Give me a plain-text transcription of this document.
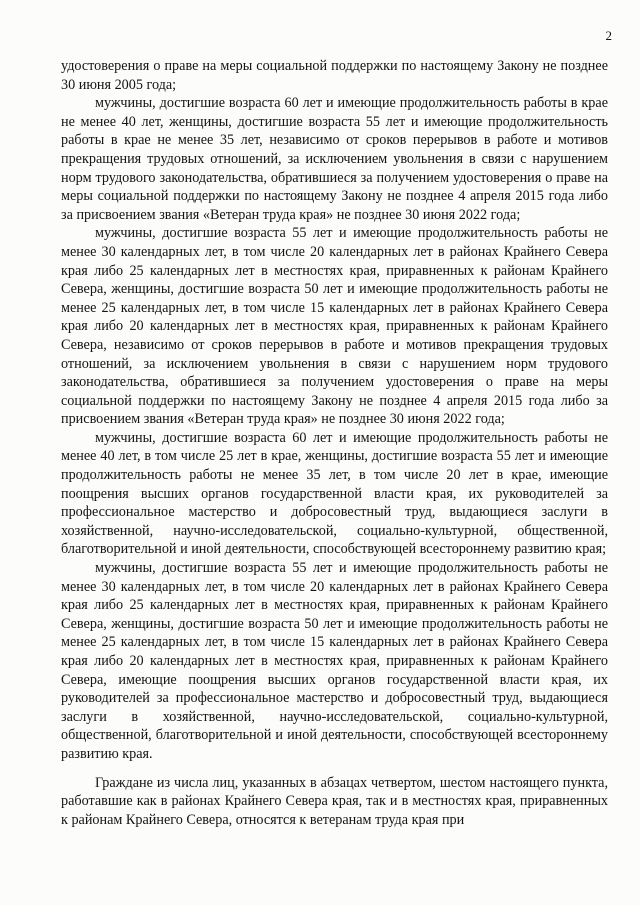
2

удостоверения о праве на меры социальной поддержки по настоящему Закону не позднее 30 июня 2005 года;

мужчины, достигшие возраста 60 лет и имеющие продолжительность работы в крае не менее 40 лет, женщины, достигшие возраста 55 лет и имеющие продолжительность работы в крае не менее 35 лет, независимо от сроков перерывов в работе и мотивов прекращения трудовых отношений, за исключением увольнения в связи с нарушением норм трудового законодательства, обратившиеся за получением удостоверения о праве на меры социальной поддержки по настоящему Закону не позднее 4 апреля 2015 года либо за присвоением звания «Ветеран труда края» не позднее 30 июня 2022 года;

мужчины, достигшие возраста 55 лет и имеющие продолжительность работы не менее 30 календарных лет, в том числе 20 календарных лет в районах Крайнего Севера края либо 25 календарных лет в местностях края, приравненных к районам Крайнего Севера, женщины, достигшие возраста 50 лет и имеющие продолжительность работы не менее 25 календарных лет, в том числе 15 календарных лет в районах Крайнего Севера края либо 20 календарных лет в местностях края, приравненных к районам Крайнего Севера, независимо от сроков перерывов в работе и мотивов прекращения трудовых отношений, за исключением увольнения в связи с нарушением норм трудового законодательства, обратившиеся за получением удостоверения о праве на меры социальной поддержки по настоящему Закону не позднее 4 апреля 2015 года либо за присвоением звания «Ветеран труда края» не позднее 30 июня 2022 года;

мужчины, достигшие возраста 60 лет и имеющие продолжительность работы не менее 40 лет, в том числе 25 лет в крае, женщины, достигшие возраста 55 лет и имеющие продолжительность работы не менее 35 лет, в том числе 20 лет в крае, имеющие поощрения высших органов государственной власти края, их руководителей за профессиональное мастерство и добросовестный труд, выдающиеся заслуги в хозяйственной, научно-исследовательской, социально-культурной, общественной, благотворительной и иной деятельности, способствующей всестороннему развитию края;

мужчины, достигшие возраста 55 лет и имеющие продолжительность работы не менее 30 календарных лет, в том числе 20 календарных лет в районах Крайнего Севера края либо 25 календарных лет в местностях края, приравненных к районам Крайнего Севера, женщины, достигшие возраста 50 лет и имеющие продолжительность работы не менее 25 календарных лет, в том числе 15 календарных лет в районах Крайнего Севера края либо 20 календарных лет в местностях края, приравненных к районам Крайнего Севера, имеющие поощрения высших органов государственной власти края, их руководителей за профессиональное мастерство и добросовестный труд, выдающиеся заслуги в хозяйственной, научно-исследовательской, социально-культурной, общественной, благотворительной и иной деятельности, способствующей всестороннему развитию края.

Граждане из числа лиц, указанных в абзацах четвертом, шестом настоящего пункта, работавшие как в районах Крайнего Севера края, так и в местностях края, приравненных к районам Крайнего Севера, относятся к ветеранам труда края при
